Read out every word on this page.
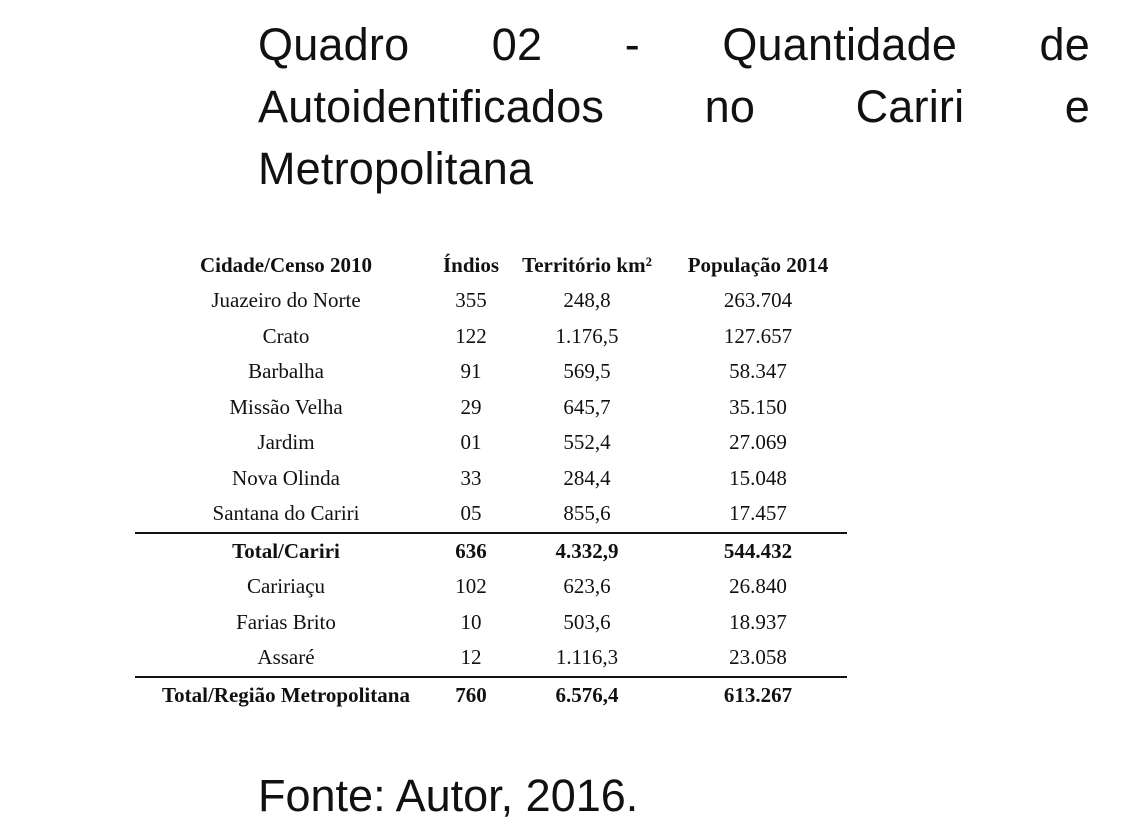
Quadro 02 - Quantidade de
Autoidentificados no Cariri e
Metropolitana
Cidade/Censo 2010	Índios	Território km²	População 2014
Juazeiro do Norte	355	248,8	263.704
Crato	122	1.176,5	127.657
Barbalha	91	569,5	58.347
Missão Velha	29	645,7	35.150
Jardim	01	552,4	27.069
Nova Olinda	33	284,4	15.048
Santana do Cariri	05	855,6	17.457
Total/Cariri	636	4.332,9	544.432
Caririaçu	102	623,6	26.840
Farias Brito	10	503,6	18.937
Assaré	12	1.116,3	23.058
Total/Região Metropolitana	760	6.576,4	613.267
Fonte: Autor, 2016.
